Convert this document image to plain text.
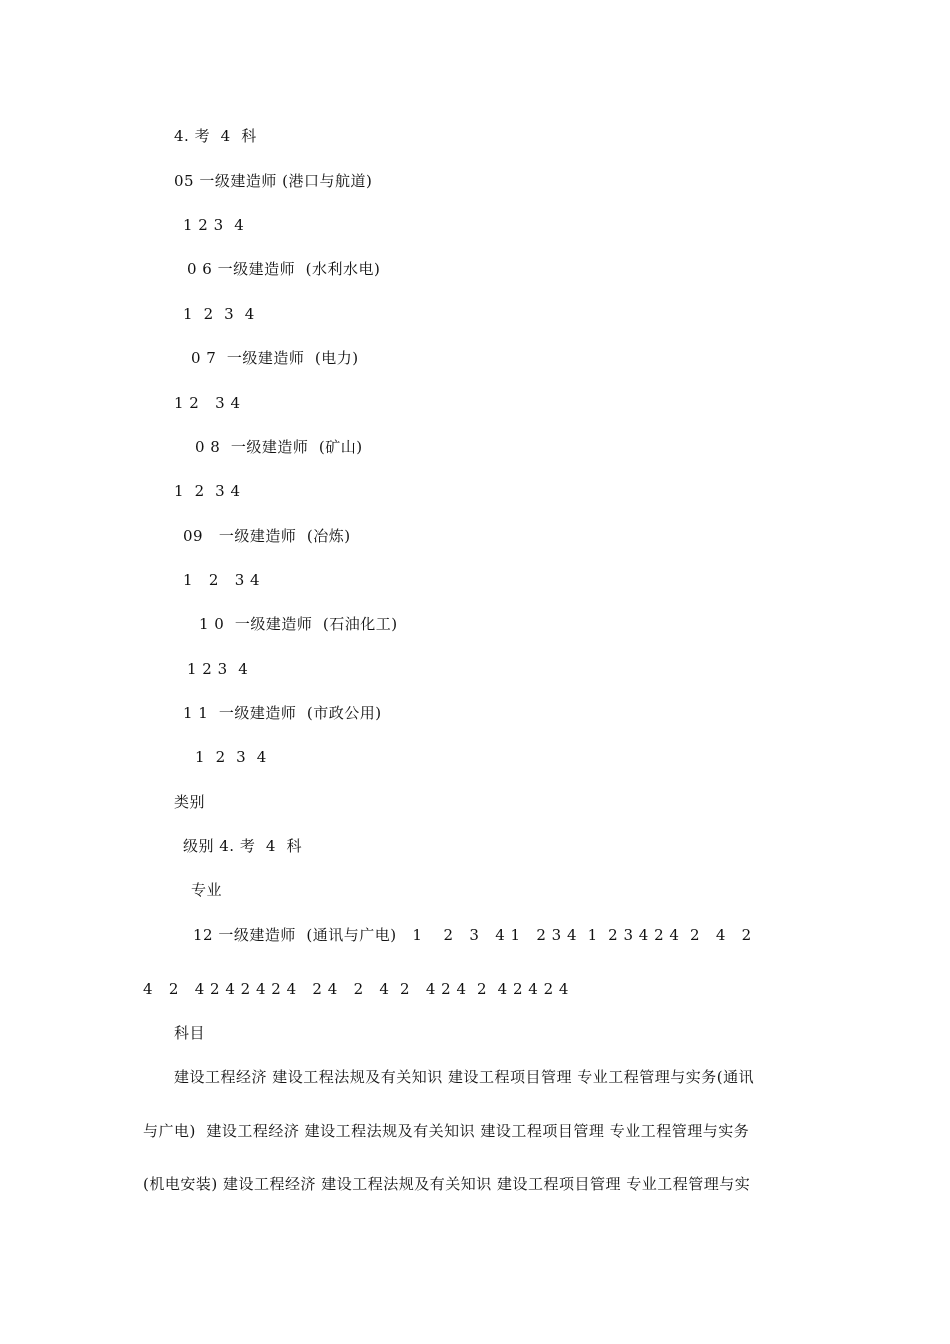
4. 考  4  科
05 一级建造师 (港口与航道)
1 2 3  4
0 6 一级建造师  (水利水电)
1  2  3  4
0 7  一级建造师  (电力)
1 2   3 4
0 8  一级建造师  (矿山)
1  2  3 4
09   一级建造师  (冶炼)
1   2   3 4
1 0  一级建造师  (石油化工)
1 2 3  4
1 1  一级建造师  (市政公用)
1  2  3  4
类别
级别 4. 考  4  科
专业
12 一级建造师  (通讯与广电)   1    2   3   4 1   2 3 4  1  2 3 4 2 4  2   4   2
4   2   4 2 4 2 4 2 4   2 4   2   4  2   4 2 4  2  4 2 4 2 4
科目
建设工程经济 建设工程法规及有关知识 建设工程项目管理 专业工程管理与实务(通讯
与广电)  建设工程经济 建设工程法规及有关知识 建设工程项目管理 专业工程管理与实务
(机电安装) 建设工程经济 建设工程法规及有关知识 建设工程项目管理 专业工程管理与实
